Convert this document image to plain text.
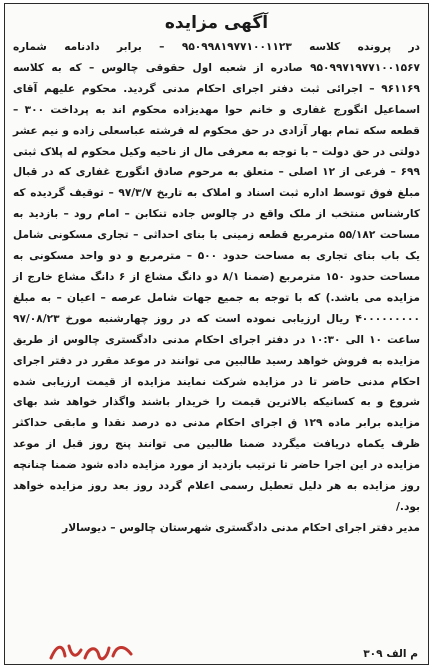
آگهی مزایده

در پرونده کلاسه ۹۵۰۹۹۸۱۹۷۷۱۰۰۱۱۲۳ – برابر دادنامه شماره ۹۵۰۹۹۷۱۹۷۷۱۰۰۱۵۶۷ صادره از شعبه اول حقوقی چالوس – که به کلاسه ۹۶۱۱۶۹ – اجرائی ثبت دفتر اجرای احکام مدنی گردید. محکوم علیهم آقای اسماعیل انگورج غفاری و خانم حوا مهدیزاده محکوم اند به پرداخت ۳۰۰ – قطعه سکه تمام بهار آزادی در حق محکوم له فرشته عباسعلی زاده و نیم عشر دولتی در حق دولت – با توجه به معرفی مال از ناحیه وکیل محکوم له پلاک ثبتی ۶۹۹ – فرعی از ۱۲ اصلی – متعلق به مرحوم صادق انگورج غفاری که در قبال مبلغ فوق توسط اداره ثبت اسناد و املاک به تاریخ ۹۷/۳/۷ – توقیف گردیده که کارشناس منتخب از ملک واقع در چالوس جاده تنکابن – امام رود – بازدید به مساحت ۵۵/۱۸۲ مترمربع قطعه زمینی با بنای احداثی – تجاری مسکونی شامل یک باب بنای تجاری به مساحت حدود ۵۰۰ – مترمربع و دو واحد مسکونی به مساحت حدود ۱۵۰ مترمربع (ضمنا ۸/۱ دو دانگ مشاع از ۶ دانگ مشاع خارج از مزایده می باشد.) که با توجه به جمیع جهات شامل عرصه – اعیان – به مبلغ ۴۰۰۰۰۰۰۰۰۰ ریال ارزیابی نموده است که در روز چهارشنبه مورخ ۹۷/۰۸/۲۳ ساعت ۱۰ الی ۱۰:۳۰ در دفتر اجرای احکام مدنی دادگستری چالوس از طریق مزایده به فروش خواهد رسید طالبین می توانند در موعد مقرر در دفتر اجرای احکام مدنی حاضر تا در مزایده شرکت نمایند مزایده از قیمت ارزیابی شده شروع و به کسانیکه بالاترین قیمت را خریدار باشند واگذار خواهد شد بهای مزایده برابر ماده ۱۲۹ ق اجرای احکام مدنی ده درصد نقدا و مابقی حداکثر ظرف یکماه دریافت میگردد ضمنا طالبین می توانند پنج روز قبل از موعد مزایده در این اجرا حاضر تا ترتیب بازدید از مورد مزایده داده شود ضمنا چنانچه روز مزایده به هر دلیل تعطیل رسمی اعلام گردد روز بعد روز مزایده خواهد بود./

مدیر دفتر اجرای احکام مدنی دادگستری شهرستان چالوس – دیوسالار
م الف ۳۰۹
